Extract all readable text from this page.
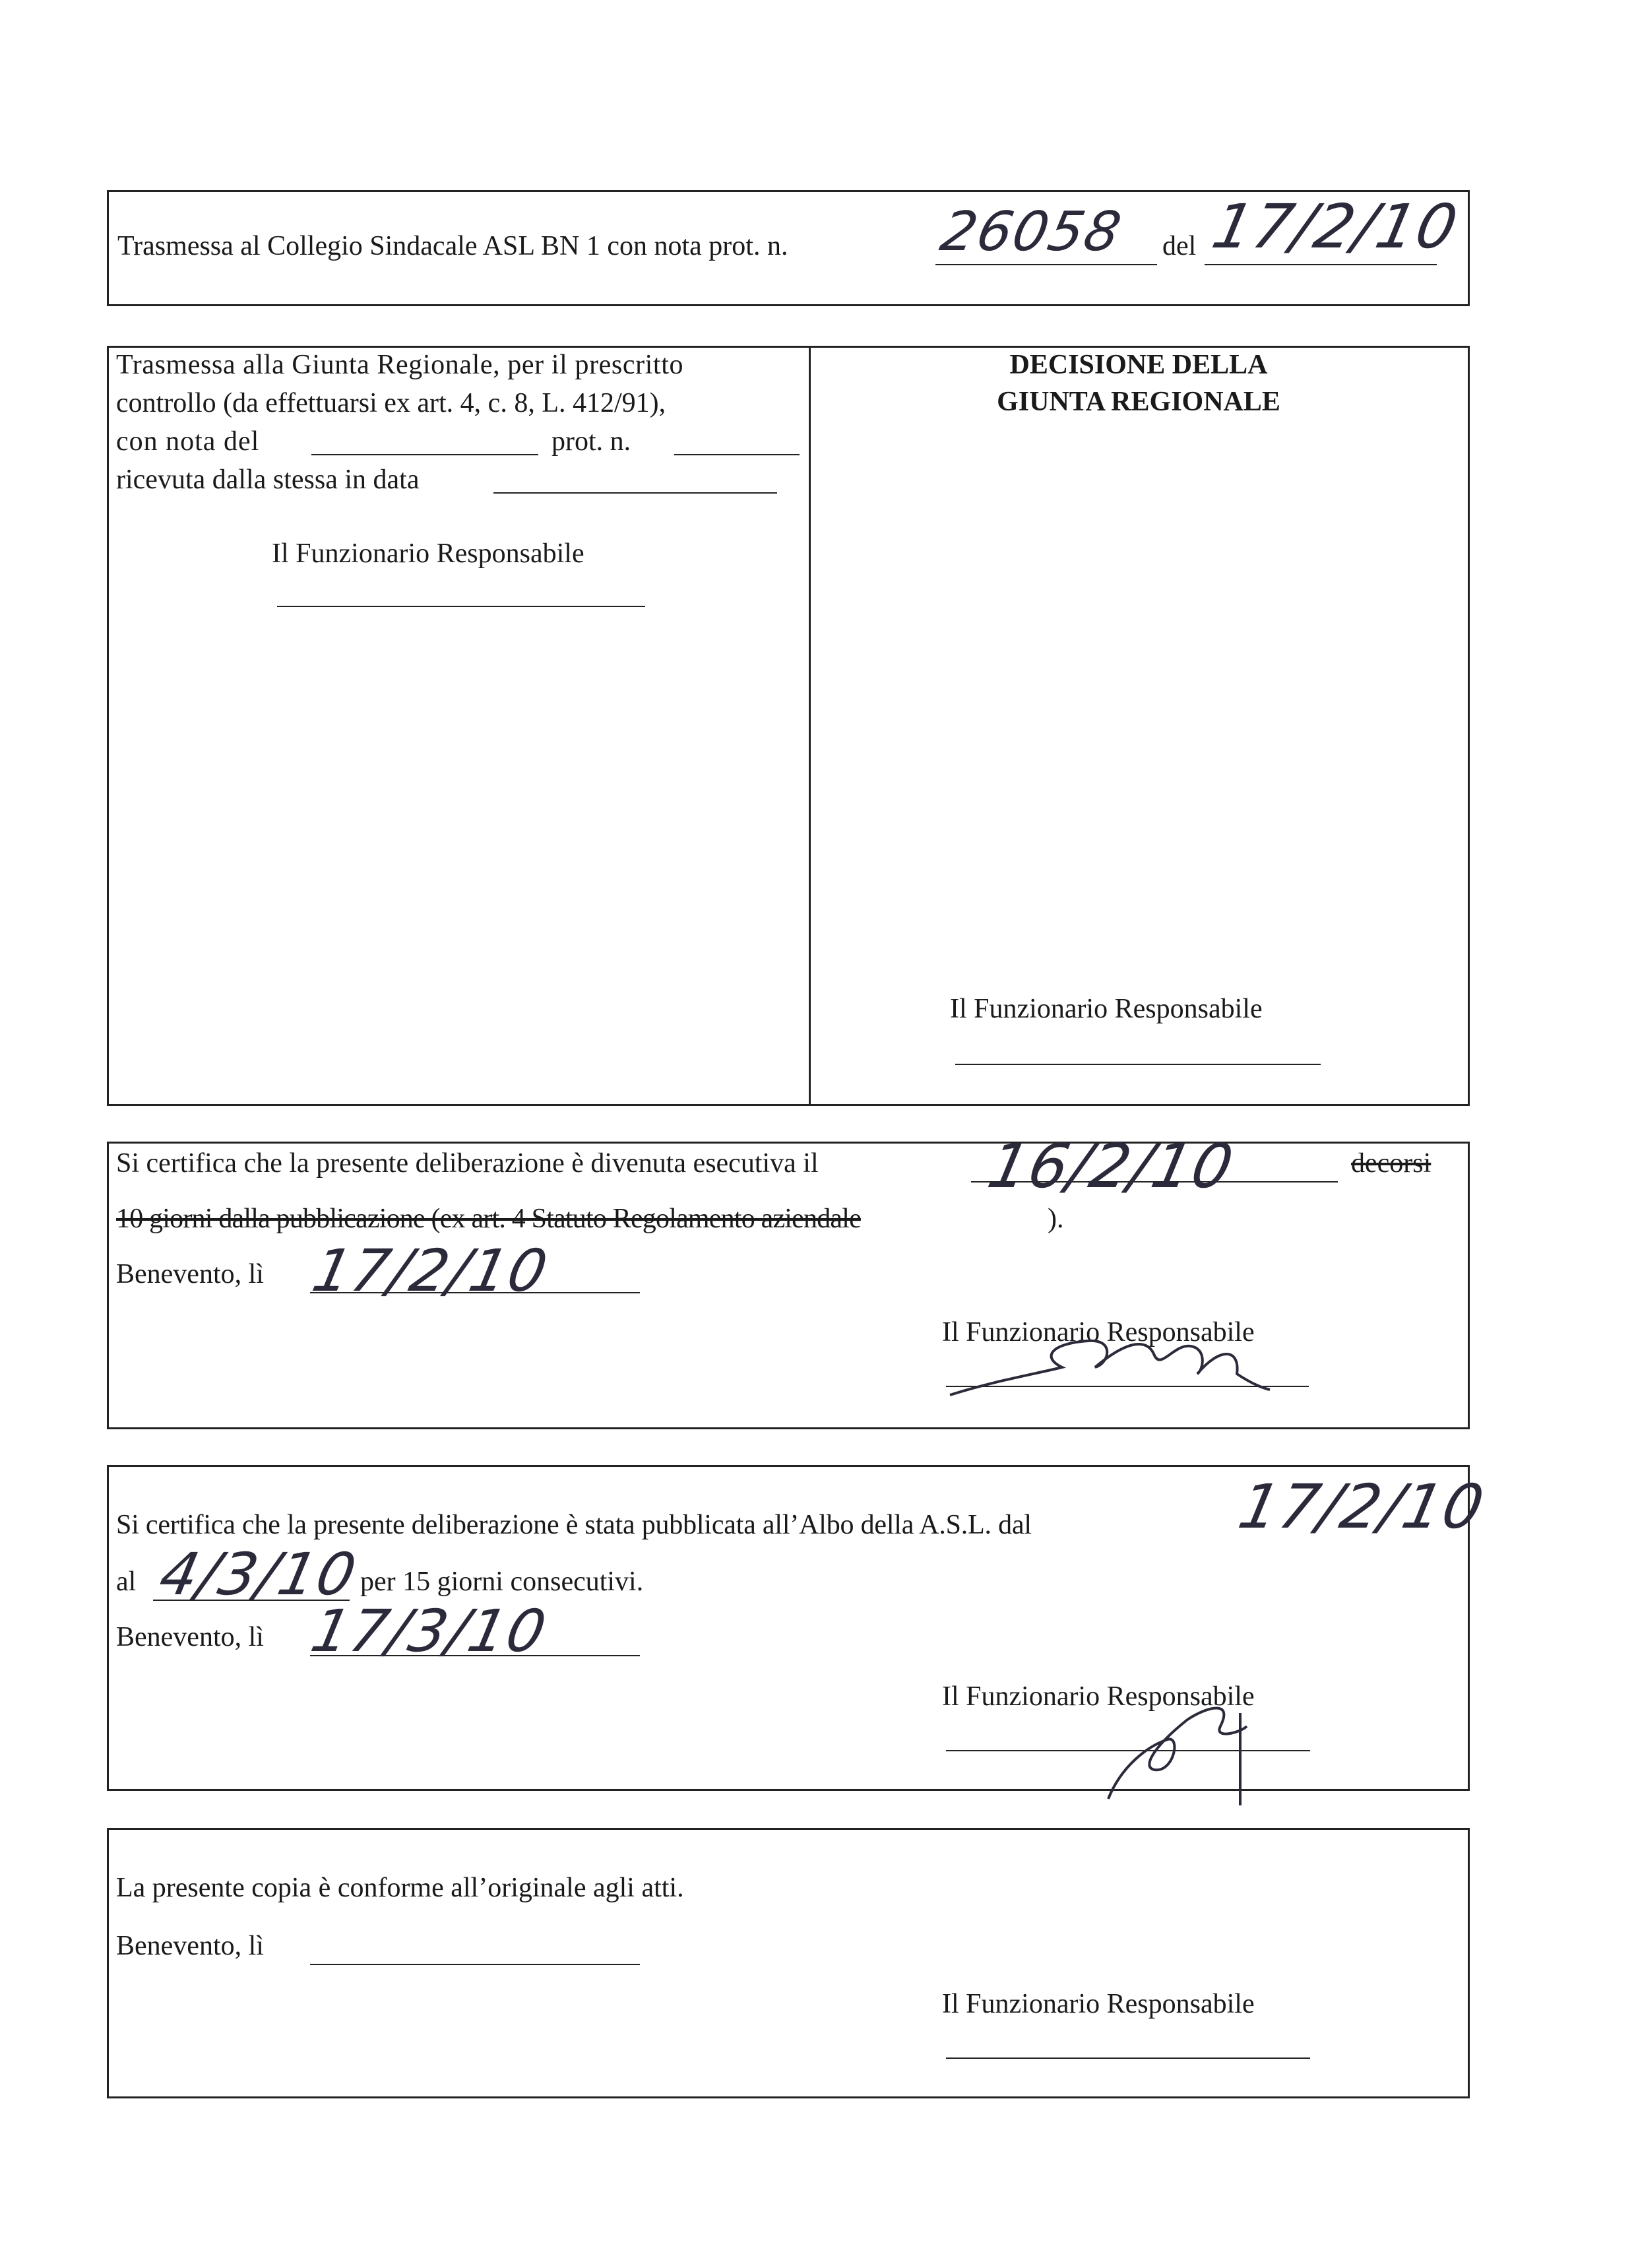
Trasmessa al Collegio Sindacale ASL BN 1 con nota prot. n.	26058 del 17/2/10
Trasmessa alla Giunta Regionale, per il prescritto
controllo (da effettuarsi ex art. 4, c. 8, L. 412/91),
con nota del	prot. n.
ricevuta dalla stessa in data
Il Funzionario Responsabile
DECISIONE DELLA
GIUNTA REGIONALE
Il Funzionario Responsabile
Si certifica che la presente deliberazione è divenuta esecutiva il	16/2/10	decorsi
10 giorni dalla pubblicazione (ex art. 4 Statuto Regolamento aziendale	).
Benevento, lì 17/2/10
Il Funzionario Responsabile
Si certifica che la presente deliberazione è stata pubblicata all’Albo della A.S.L. dal	17/2/10
al 4/3/10
per 15 giorni consecutivi.
Benevento, lì 17/3/10
Il Funzionario Responsabile
La presente copia è conforme all’originale agli atti.
Benevento, lì
Il Funzionario Responsabile
